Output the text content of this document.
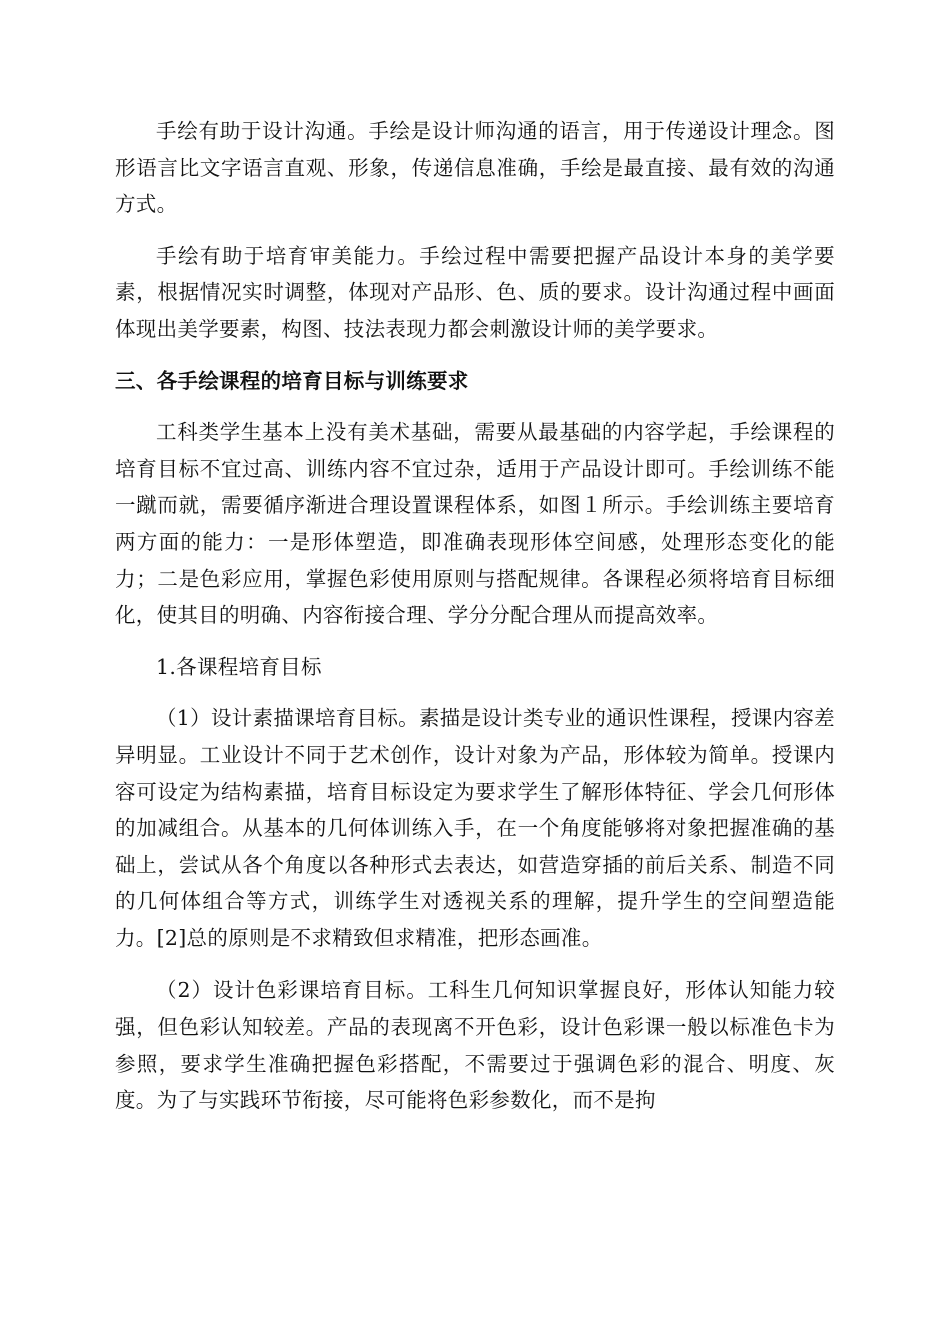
手绘有助于设计沟通。手绘是设计师沟通的语言，用于传递设计理念。图形语言比文字语言直观、形象，传递信息准确，手绘是最直接、最有效的沟通方式。

手绘有助于培育审美能力。手绘过程中需要把握产品设计本身的美学要素，根据情况实时调整，体现对产品形、色、质的要求。设计沟通过程中画面体现出美学要素，构图、技法表现力都会刺激设计师的美学要求。

三、各手绘课程的培育目标与训练要求

工科类学生基本上没有美术基础，需要从最基础的内容学起，手绘课程的培育目标不宜过高、训练内容不宜过杂，适用于产品设计即可。手绘训练不能一蹴而就，需要循序渐进合理设置课程体系，如图１所示。手绘训练主要培育两方面的能力：一是形体塑造，即准确表现形体空间感，处理形态变化的能力；二是色彩应用，掌握色彩使用原则与搭配规律。各课程必须将培育目标细化，使其目的明确、内容衔接合理、学分分配合理从而提高效率。

1.各课程培育目标

（1）设计素描课培育目标。素描是设计类专业的通识性课程，授课内容差异明显。工业设计不同于艺术创作，设计对象为产品，形体较为简单。授课内容可设定为结构素描，培育目标设定为要求学生了解形体特征、学会几何形体的加减组合。从基本的几何体训练入手，在一个角度能够将对象把握准确的基础上，尝试从各个角度以各种形式去表达，如营造穿插的前后关系、制造不同的几何体组合等方式，训练学生对透视关系的理解，提升学生的空间塑造能力。[2]总的原则是不求精致但求精准，把形态画准。

（2）设计色彩课培育目标。工科生几何知识掌握良好，形体认知能力较强，但色彩认知较差。产品的表现离不开色彩，设计色彩课一般以标准色卡为参照，要求学生准确把握色彩搭配，不需要过于强调色彩的混合、明度、灰度。为了与实践环节衔接，尽可能将色彩参数化，而不是拘
